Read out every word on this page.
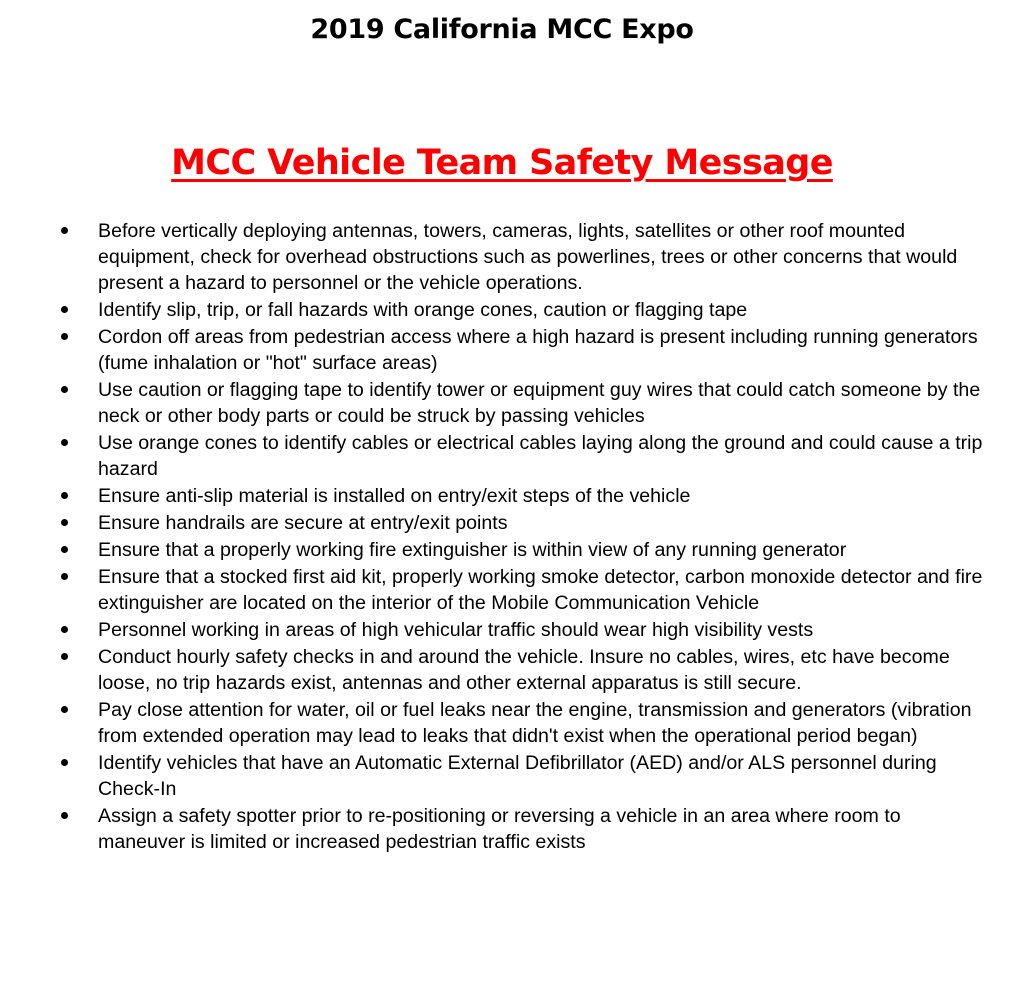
2019 California MCC Expo
MCC Vehicle Team Safety Message
Before vertically deploying antennas, towers, cameras, lights, satellites or other roof mounted equipment, check for overhead obstructions such as powerlines, trees or other concerns that would present a hazard to personnel or the vehicle operations.
Identify slip, trip, or fall hazards with orange cones, caution or flagging tape
Cordon off areas from pedestrian access where a high hazard is present including running generators (fume inhalation or "hot" surface areas)
Use caution or flagging tape to identify tower or equipment guy wires that could catch someone by the neck or other body parts or could be struck by passing vehicles
Use orange cones to identify cables or electrical cables laying along the ground and could cause a trip hazard
Ensure anti-slip material is installed on entry/exit steps of the vehicle
Ensure handrails are secure at entry/exit points
Ensure that a properly working fire extinguisher is within view of any running generator
Ensure that a stocked first aid kit, properly working smoke detector, carbon monoxide detector and fire extinguisher are located on the interior of the Mobile Communication Vehicle
Personnel working in areas of high vehicular traffic should wear high visibility vests
Conduct hourly safety checks in and around the vehicle. Insure no cables, wires, etc have become loose, no trip hazards exist, antennas and other external apparatus is still secure.
Pay close attention for water, oil or fuel leaks near the engine, transmission and generators (vibration from extended operation may lead to leaks that didn't exist when the operational period began)
Identify vehicles that have an Automatic External Defibrillator (AED) and/or ALS personnel during Check-In
Assign a safety spotter prior to re-positioning or reversing a vehicle in an area where room to maneuver is limited or increased pedestrian traffic exists
